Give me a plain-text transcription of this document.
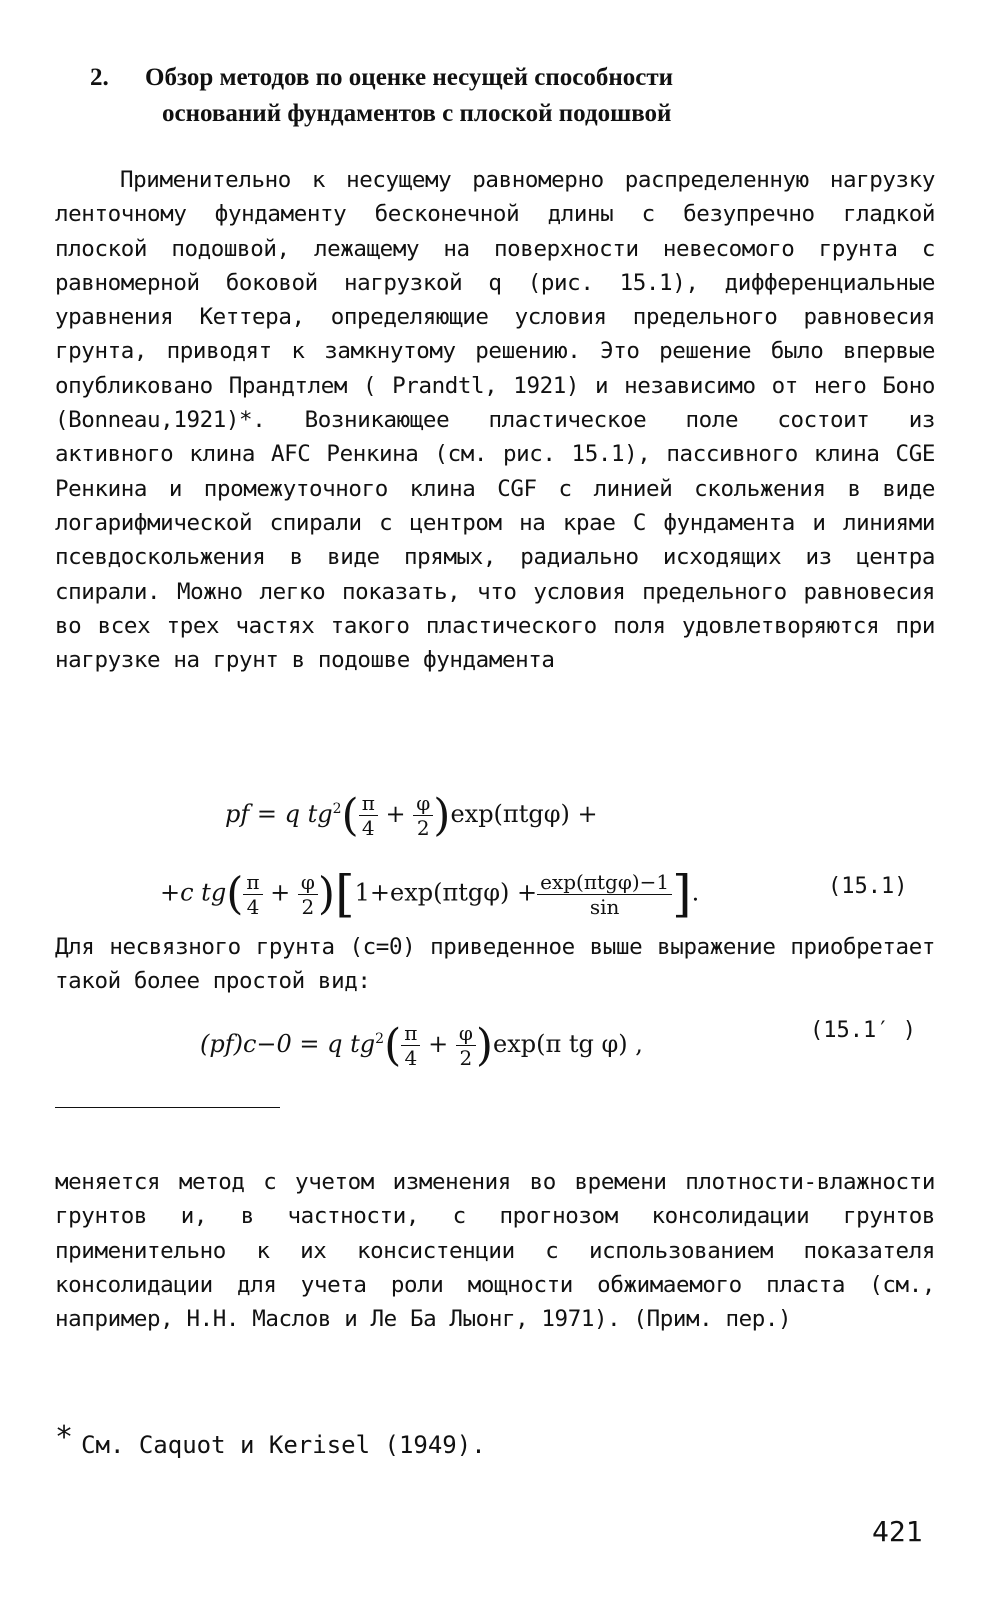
2. Обзор методов по оценке несущей способности
оснований фундаментов с плоской подошвой

Применительно к несущему равномерно распределенную нагрузку ленточному фундаменту бесконечной длины с безупречно гладкой плоской подошвой, лежащему на поверхности невесомого грунта с равномерной боковой нагрузкой q (рис. 15.1), дифференциальные уравнения Кеттера, определяющие условия предельного равновесия грунта, приводят к замкнутому решению. Это решение было впервые опубликовано Прандтлем ( Prandtl, 1921) и независимо от него Боно (Bonneau,1921)*. Возникающее пластическое поле состоит из активного клина AFC Ренкина (см. рис. 15.1), пассивного клина CGE Ренкина и промежуточного клина CGF с линией скольжения в виде логарифмической спирали с центром на крае С фундамента и линиями псевдоскольжения в виде прямых, радиально исходящих из центра спирали. Можно легко показать, что условия предельного равновесия во всех трех частях такого пластического поля удовлетворяются при нагрузке на грунт в подошве фундамента

pf = q $tg^2( \frac{\pi}{4} + \frac{\varphi}{2} )\exp(\pi tg\varphi)$ +
+c $tg( \frac{\pi}{4} + \frac{\varphi}{2} )[1+\exp(\pi tg\varphi) + \frac{\text{exp(πtgφ)−1}}{\sin}$ ].	(15.1)

Для несвязного грунта (c=0) приведенное выше выражение приобретает такой более простой вид:

(pf)c−0 = q $tg^2( \frac{\pi}{4} + \frac{\varphi}{2} )\exp(\pi$ tg φ) ,	(15.1′ )

меняется метод с учетом изменения во времени плотности-влажности грунтов и, в частности, с прогнозом консолидации грунтов применительно к их консистенции с использованием показателя консолидации для учета роли мощности обжимаемого пласта (см., например, Н.Н. Маслов и Ле Ба Лыонг, 1971). (Прим. пер.)

* См. Caquot и Kerisel (1949).
421
